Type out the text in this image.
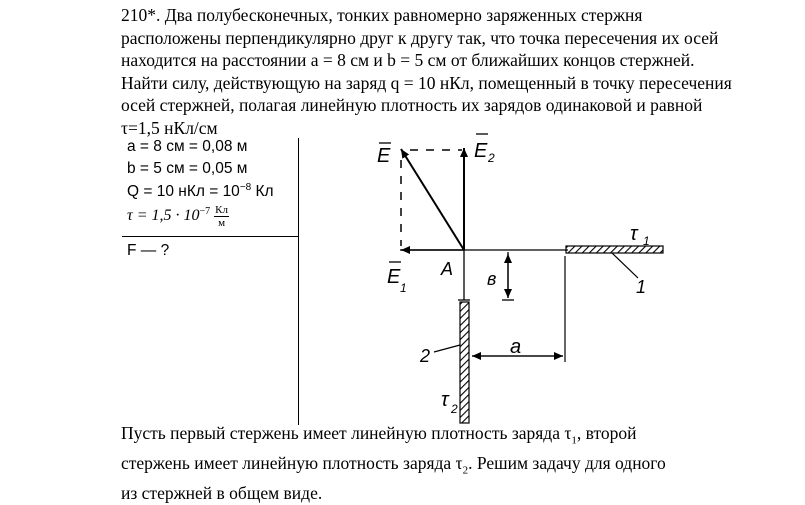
210*. Два полубесконечных, тонких равномерно заряженных стержня расположены перпендикулярно друг к другу так, что точка пересечения их осей находится на расстоянии a = 8 см и b = 5 см от ближайших концов стержней. Найти силу, действующую на заряд q = 10 нКл, помещенный в точку пересечения осей стержней, полагая линейную плотность их зарядов одинаковой и равной τ=1,5 нКл/см
a = 8 см = 0,08 м
b = 5 см = 0,05 м
Q = 10 нКл = $10^{-8}$ Кл
$\tau = 1,5 \cdot 10^{-7} \frac{Кл}{м}$
F — ?
E	E 2
E 1
A в
a
τ 1
τ 2
1
2
Пусть первый стержень имеет линейную плотность заряда $\tau_1$, второй стержень имеет линейную плотность заряда $\tau_2$. Решим задачу для одного из стержней в общем виде.
